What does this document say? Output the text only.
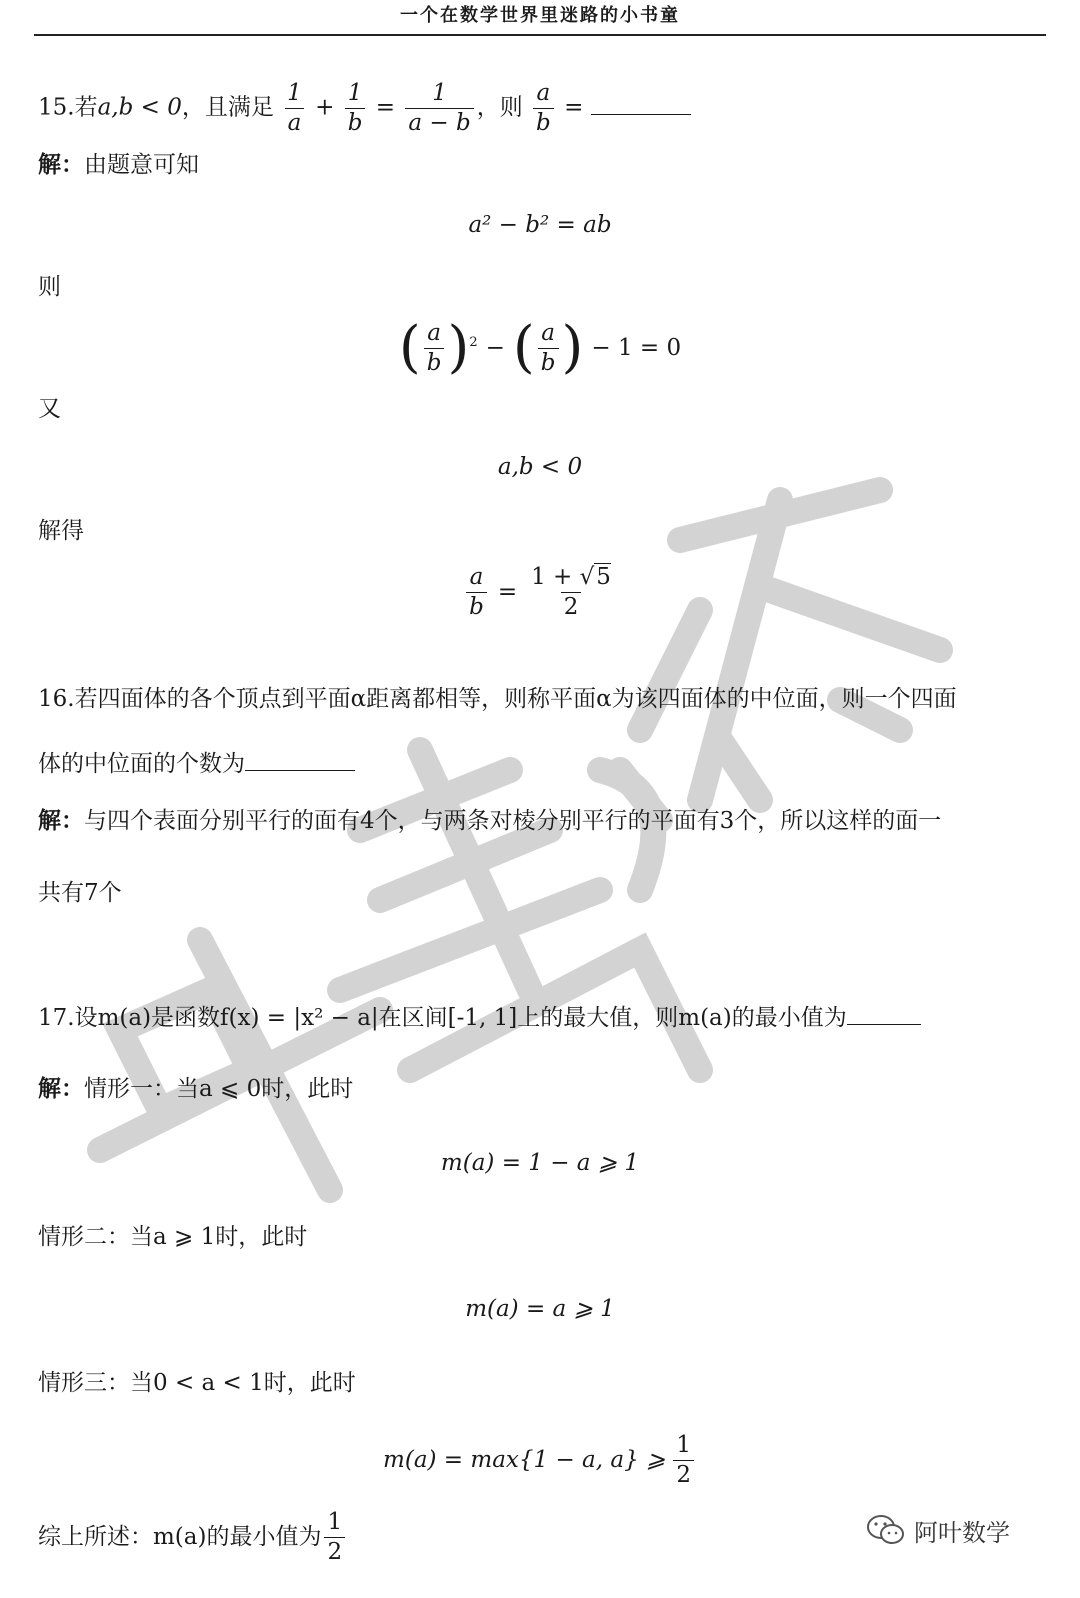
一个在数学世界里迷路的小书童
15.若a,b < 0，且满足 $\frac{1}{a} + \frac{1}{b} = \frac{1}{a - b}$ ，则 $\frac{a}{b}$ =
解：由题意可知
a² − b² = ab
则
( $\frac{a}{b} )^2$ − ( $\frac{a}{b}$ ) − 1 = 0
又
a,b < 0
解得
$\frac{a}{b} = \frac{1 + √5}{2}$
16.若四面体的各个顶点到平面α距离都相等，则称平面α为该四面体的中位面，则一个四面
体的中位面的个数为
解：与四个表面分别平行的面有4个，与两条对棱分别平行的平面有3个，所以这样的面一
共有7个
17.设m(a)是函数f(x) = |x² − a|在区间[-1, 1]上的最大值，则m(a)的最小值为
解：情形一：当a ⩽ 0时，此时
m(a) = 1 − a ⩾ 1
情形二：当a ⩾ 1时，此时
m(a) = a ⩾ 1
情形三：当0 < a < 1时，此时
m(a) = max{1 − a, a} ⩾ $\frac{1}{2}$
综上所述：m(a)的最小值为 $\frac{1}{2}$	阿叶数学
